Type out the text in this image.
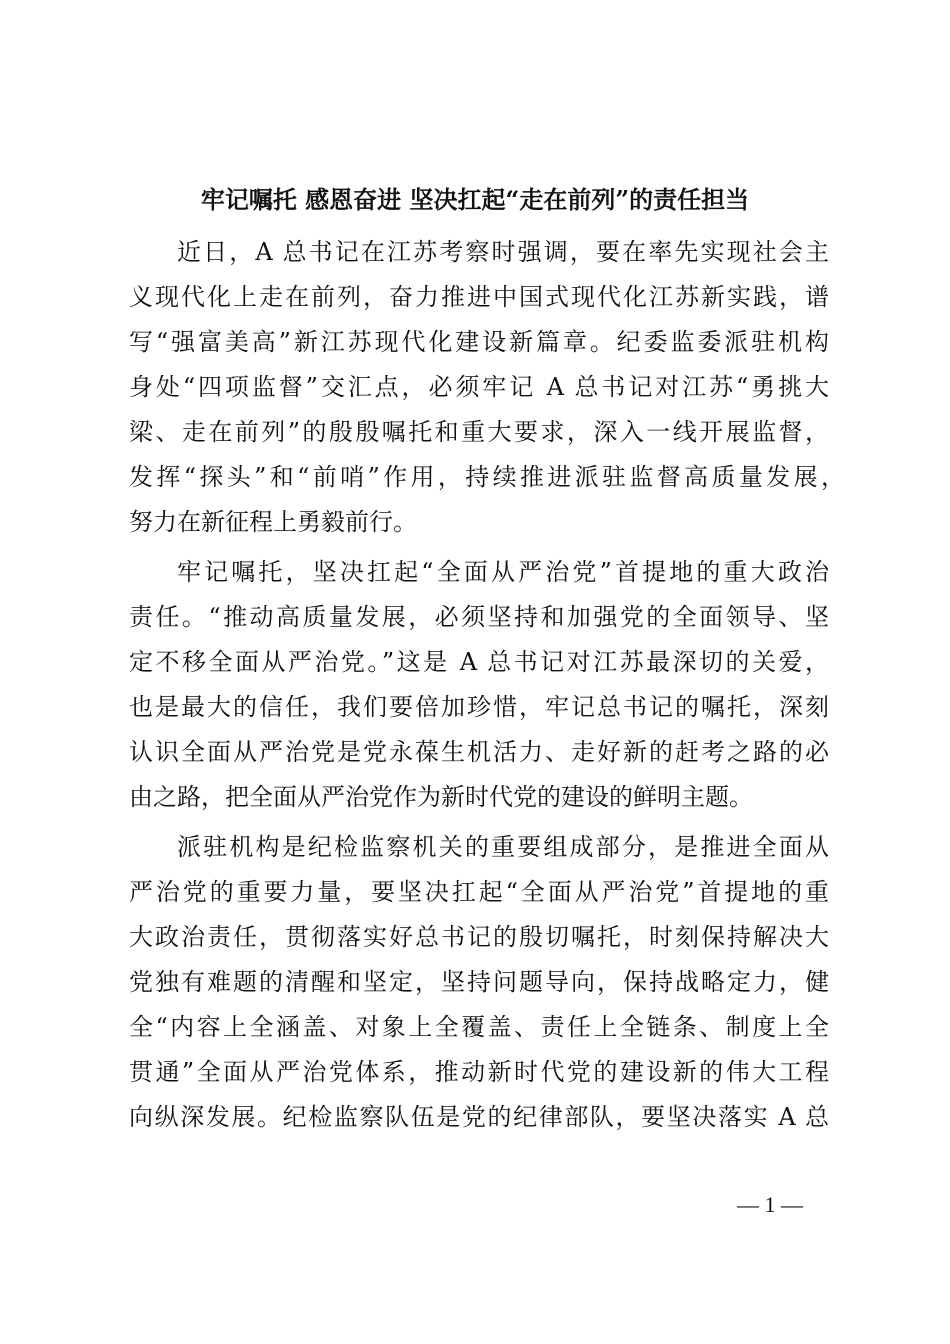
牢记嘱托 感恩奋进 坚决扛起“走在前列”的责任担当
近日，A 总书记在江苏考察时强调，要在率先实现社会主
义现代化上走在前列，奋力推进中国式现代化江苏新实践，谱
写“强富美高”新江苏现代化建设新篇章。纪委监委派驻机构
身处“四项监督”交汇点，必须牢记 A 总书记对江苏“勇挑大
梁、走在前列”的殷殷嘱托和重大要求，深入一线开展监督，
发挥“探头”和“前哨”作用，持续推进派驻监督高质量发展，
努力在新征程上勇毅前行。
牢记嘱托，坚决扛起“全面从严治党”首提地的重大政治
责任。“推动高质量发展，必须坚持和加强党的全面领导、坚
定不移全面从严治党。”这是 A 总书记对江苏最深切的关爱，
也是最大的信任，我们要倍加珍惜，牢记总书记的嘱托，深刻
认识全面从严治党是党永葆生机活力、走好新的赶考之路的必
由之路，把全面从严治党作为新时代党的建设的鲜明主题。
派驻机构是纪检监察机关的重要组成部分，是推进全面从
严治党的重要力量，要坚决扛起“全面从严治党”首提地的重
大政治责任，贯彻落实好总书记的殷切嘱托，时刻保持解决大
党独有难题的清醒和坚定，坚持问题导向，保持战略定力，健
全“内容上全涵盖、对象上全覆盖、责任上全链条、制度上全
贯通”全面从严治党体系，推动新时代党的建设新的伟大工程
向纵深发展。纪检监察队伍是党的纪律部队，要坚决落实 A 总
— 1 —
